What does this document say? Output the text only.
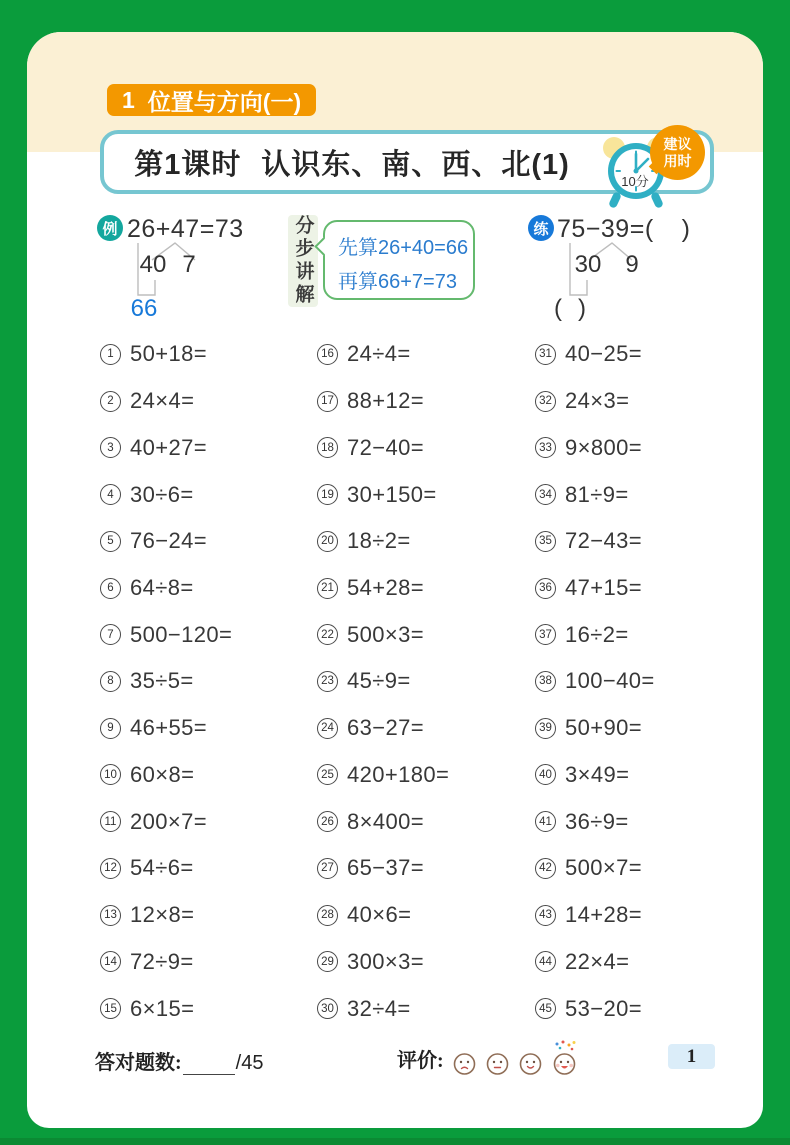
1 位置与方向(一)
第1课时 认识东、南、西、北(1)
10分
建议
用时
例 26+47=73
40 7
66
分步讲解 先算26+40=66
再算66+7=73
练 75−39=( )
30 9
( )
1 50+18=
2 24×4=
3 40+27=
4 30÷6=
5 76−24=
6 64÷8=
7 500−120=
8 35÷5=
9 46+55=
10 60×8=
11 200×7=
12 54÷6=
13 12×8=
14 72÷9=
15 6×15=
16 24÷4=
17 88+12=
18 72−40=
19 30+150=
20 18÷2=
21 54+28=
22 500×3=
23 45÷9=
24 63−27=
25 420+180=
26 8×400=
27 65−37=
28 40×6=
29 300×3=
30 32÷4=
31 40−25=
32 24×3=
33 9×800=
34 81÷9=
35 72−43=
36 47+15=
37 16÷2=
38 100−40=
39 50+90=
40 3×49=
41 36÷9=
42 500×7=
43 14+28=
44 22×4=
45 53−20=
答对题数:	/45	评价:	1
